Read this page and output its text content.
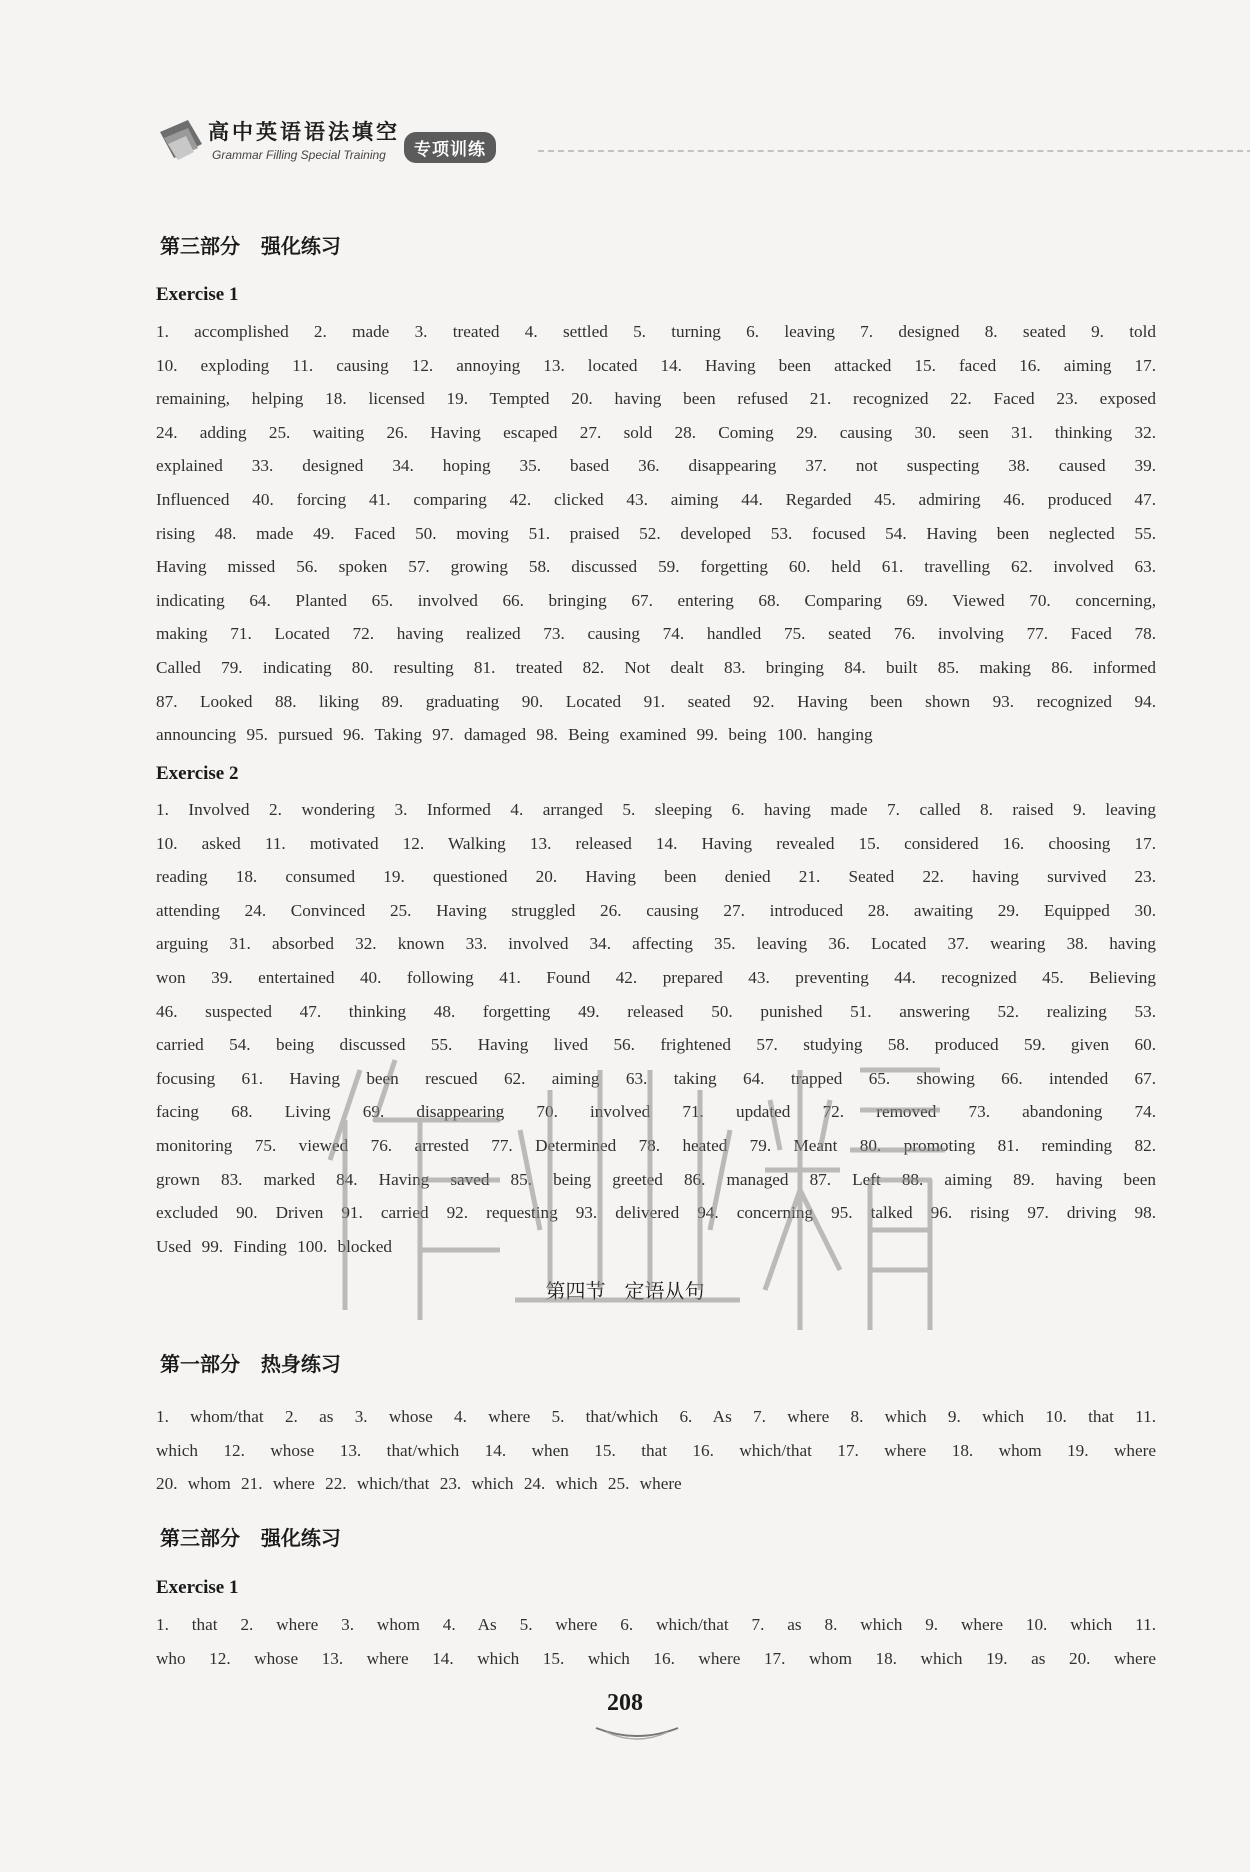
高中英语语法填空
Grammar Filling Special Training	专项训练
第三部分   强化练习
Exercise 1
1. accomplished 2. made 3. treated 4. settled 5. turning 6. leaving 7. designed 8. seated 9. told
10. exploding 11. causing 12. annoying 13. located 14. Having been attacked 15. faced 16. aiming 17.
remaining, helping 18. licensed 19. Tempted 20. having been refused 21. recognized 22. Faced 23. exposed
24. adding 25. waiting 26. Having escaped 27. sold 28. Coming 29. causing 30. seen 31. thinking 32.
explained 33. designed 34. hoping 35. based 36. disappearing 37. not suspecting 38. caused 39.
Influenced 40. forcing 41. comparing 42. clicked 43. aiming 44. Regarded 45. admiring 46. produced 47.
rising 48. made 49. Faced 50. moving 51. praised 52. developed 53. focused 54. Having been neglected 55.
Having missed 56. spoken 57. growing 58. discussed 59. forgetting 60. held 61. travelling 62. involved 63.
indicating 64. Planted 65. involved 66. bringing 67. entering 68. Comparing 69. Viewed 70. concerning,
making 71. Located 72. having realized 73. causing 74. handled 75. seated 76. involving 77. Faced 78.
Called 79. indicating 80. resulting 81. treated 82. Not dealt 83. bringing 84. built 85. making 86. informed
87. Looked 88. liking 89. graduating 90. Located 91. seated 92. Having been shown 93. recognized 94.
announcing 95. pursued 96. Taking 97. damaged 98. Being examined 99. being 100. hanging
Exercise 2
1. Involved 2. wondering 3. Informed 4. arranged 5. sleeping 6. having made 7. called 8. raised 9. leaving
10. asked 11. motivated 12. Walking 13. released 14. Having revealed 15. considered 16. choosing 17.
reading 18. consumed 19. questioned 20. Having been denied 21. Seated 22. having survived 23.
attending 24. Convinced 25. Having struggled 26. causing 27. introduced 28. awaiting 29. Equipped 30.
arguing 31. absorbed 32. known 33. involved 34. affecting 35. leaving 36. Located 37. wearing 38. having
won 39. entertained 40. following 41. Found 42. prepared 43. preventing 44. recognized 45. Believing
46. suspected 47. thinking 48. forgetting 49. released 50. punished 51. answering 52. realizing 53.
carried 54. being discussed 55. Having lived 56. frightened 57. studying 58. produced 59. given 60.
focusing 61. Having been rescued 62. aiming 63. taking 64. trapped 65. showing 66. intended 67.
facing 68. Living 69. disappearing 70. involved 71. updated 72. removed 73. abandoning 74.
monitoring 75. viewed 76. arrested 77. Determined 78. heated 79. Meant 80. promoting 81. reminding 82.
grown 83. marked 84. Having saved 85. being greeted 86. managed 87. Left 88. aiming 89. having been
excluded 90. Driven 91. carried 92. requesting 93. delivered 94. concerning 95. talked 96. rising 97. driving 98.
Used 99. Finding 100. blocked
第四节   定语从句
第一部分   热身练习
1. whom/that 2. as 3. whose 4. where 5. that/which 6. As 7. where 8. which 9. which 10. that 11.
which 12. whose 13. that/which 14. when 15. that 16. which/that 17. where 18. whom 19. where
20. whom 21. where 22. which/that 23. which 24. which 25. where
第三部分   强化练习
Exercise 1
1. that 2. where 3. whom 4. As 5. where 6. which/that 7. as 8. which 9. where 10. which 11.
who 12. whose 13. where 14. which 15. which 16. where 17. whom 18. which 19. as 20. where
208
